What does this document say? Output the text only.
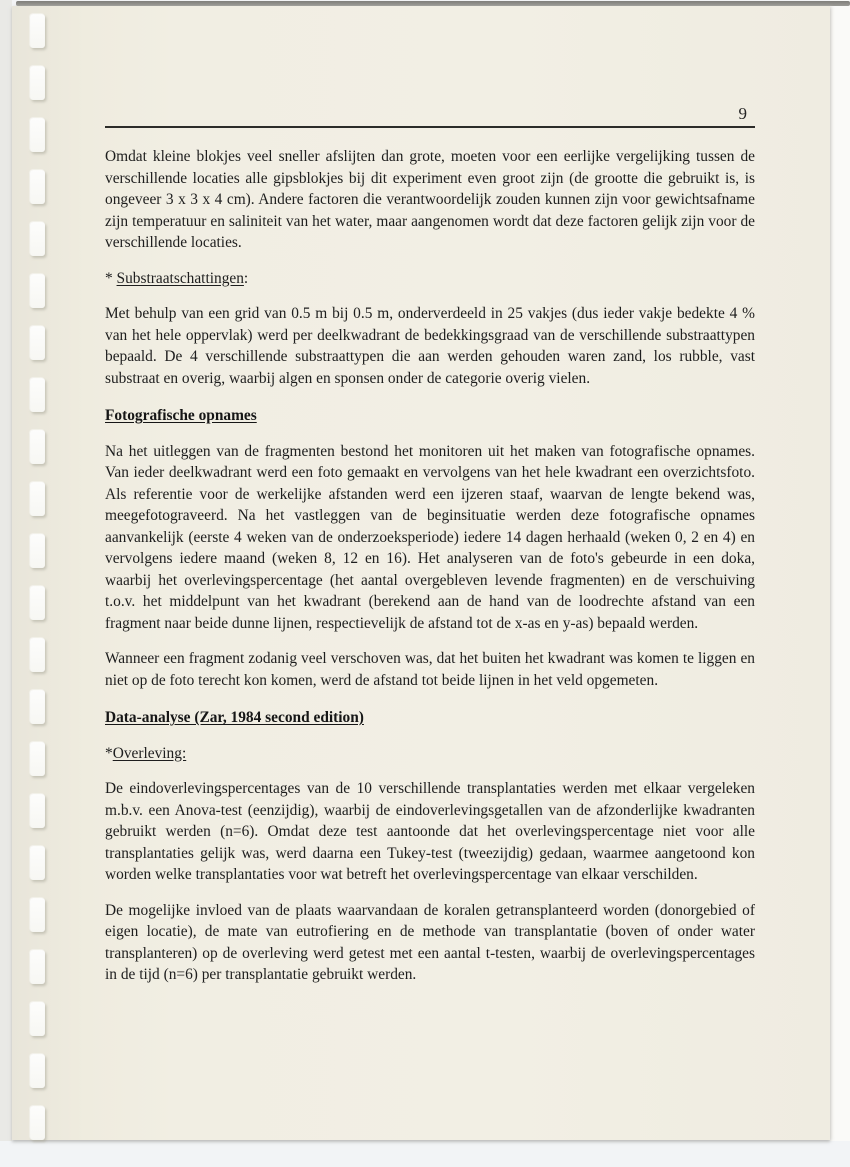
9

Omdat kleine blokjes veel sneller afslijten dan grote, moeten voor een eerlijke vergelijking tussen de verschillende locaties alle gipsblokjes bij dit experiment even groot zijn (de grootte die gebruikt is, is ongeveer 3 x 3 x 4 cm). Andere factoren die verantwoordelijk zouden kunnen zijn voor gewichtsafname zijn temperatuur en saliniteit van het water, maar aangenomen wordt dat deze factoren gelijk zijn voor de verschillende locaties.

* Substraatschattingen:

Met behulp van een grid van 0.5 m bij 0.5 m, onderverdeeld in 25 vakjes (dus ieder vakje bedekte 4 % van het hele oppervlak) werd per deelkwadrant de bedekkingsgraad van de verschillende substraattypen bepaald. De 4 verschillende substraattypen die aan werden gehouden waren zand, los rubble, vast substraat en overig, waarbij algen en sponsen onder de categorie overig vielen.

Fotografische opnames

Na het uitleggen van de fragmenten bestond het monitoren uit het maken van fotografische opnames. Van ieder deelkwadrant werd een foto gemaakt en vervolgens van het hele kwadrant een overzichtsfoto. Als referentie voor de werkelijke afstanden werd een ijzeren staaf, waarvan de lengte bekend was, meegefotograveerd. Na het vastleggen van de beginsituatie werden deze fotografische opnames aanvankelijk (eerste 4 weken van de onderzoeksperiode) iedere 14 dagen herhaald (weken 0, 2 en 4) en vervolgens iedere maand (weken 8, 12 en 16). Het analyseren van de foto's gebeurde in een doka, waarbij het overlevingspercentage (het aantal overgebleven levende fragmenten) en de verschuiving t.o.v. het middelpunt van het kwadrant (berekend aan de hand van de loodrechte afstand van een fragment naar beide dunne lijnen, respectievelijk de afstand tot de x-as en y-as) bepaald werden.

Wanneer een fragment zodanig veel verschoven was, dat het buiten het kwadrant was komen te liggen en niet op de foto terecht kon komen, werd de afstand tot beide lijnen in het veld opgemeten.

Data-analyse (Zar, 1984 second edition)

*Overleving:

De eindoverlevingspercentages van de 10 verschillende transplantaties werden met elkaar vergeleken m.b.v. een Anova-test (eenzijdig), waarbij de eindoverlevingsgetallen van de afzonderlijke kwadranten gebruikt werden (n=6). Omdat deze test aantoonde dat het overlevingspercentage niet voor alle transplantaties gelijk was, werd daarna een Tukey-test (tweezijdig) gedaan, waarmee aangetoond kon worden welke transplantaties voor wat betreft het overlevingspercentage van elkaar verschilden.

De mogelijke invloed van de plaats waarvandaan de koralen getransplanteerd worden (donorgebied of eigen locatie), de mate van eutrofiering en de methode van transplantatie (boven of onder water transplanteren) op de overleving werd getest met een aantal t-testen, waarbij de overlevingspercentages in de tijd (n=6) per transplantatie gebruikt werden.
